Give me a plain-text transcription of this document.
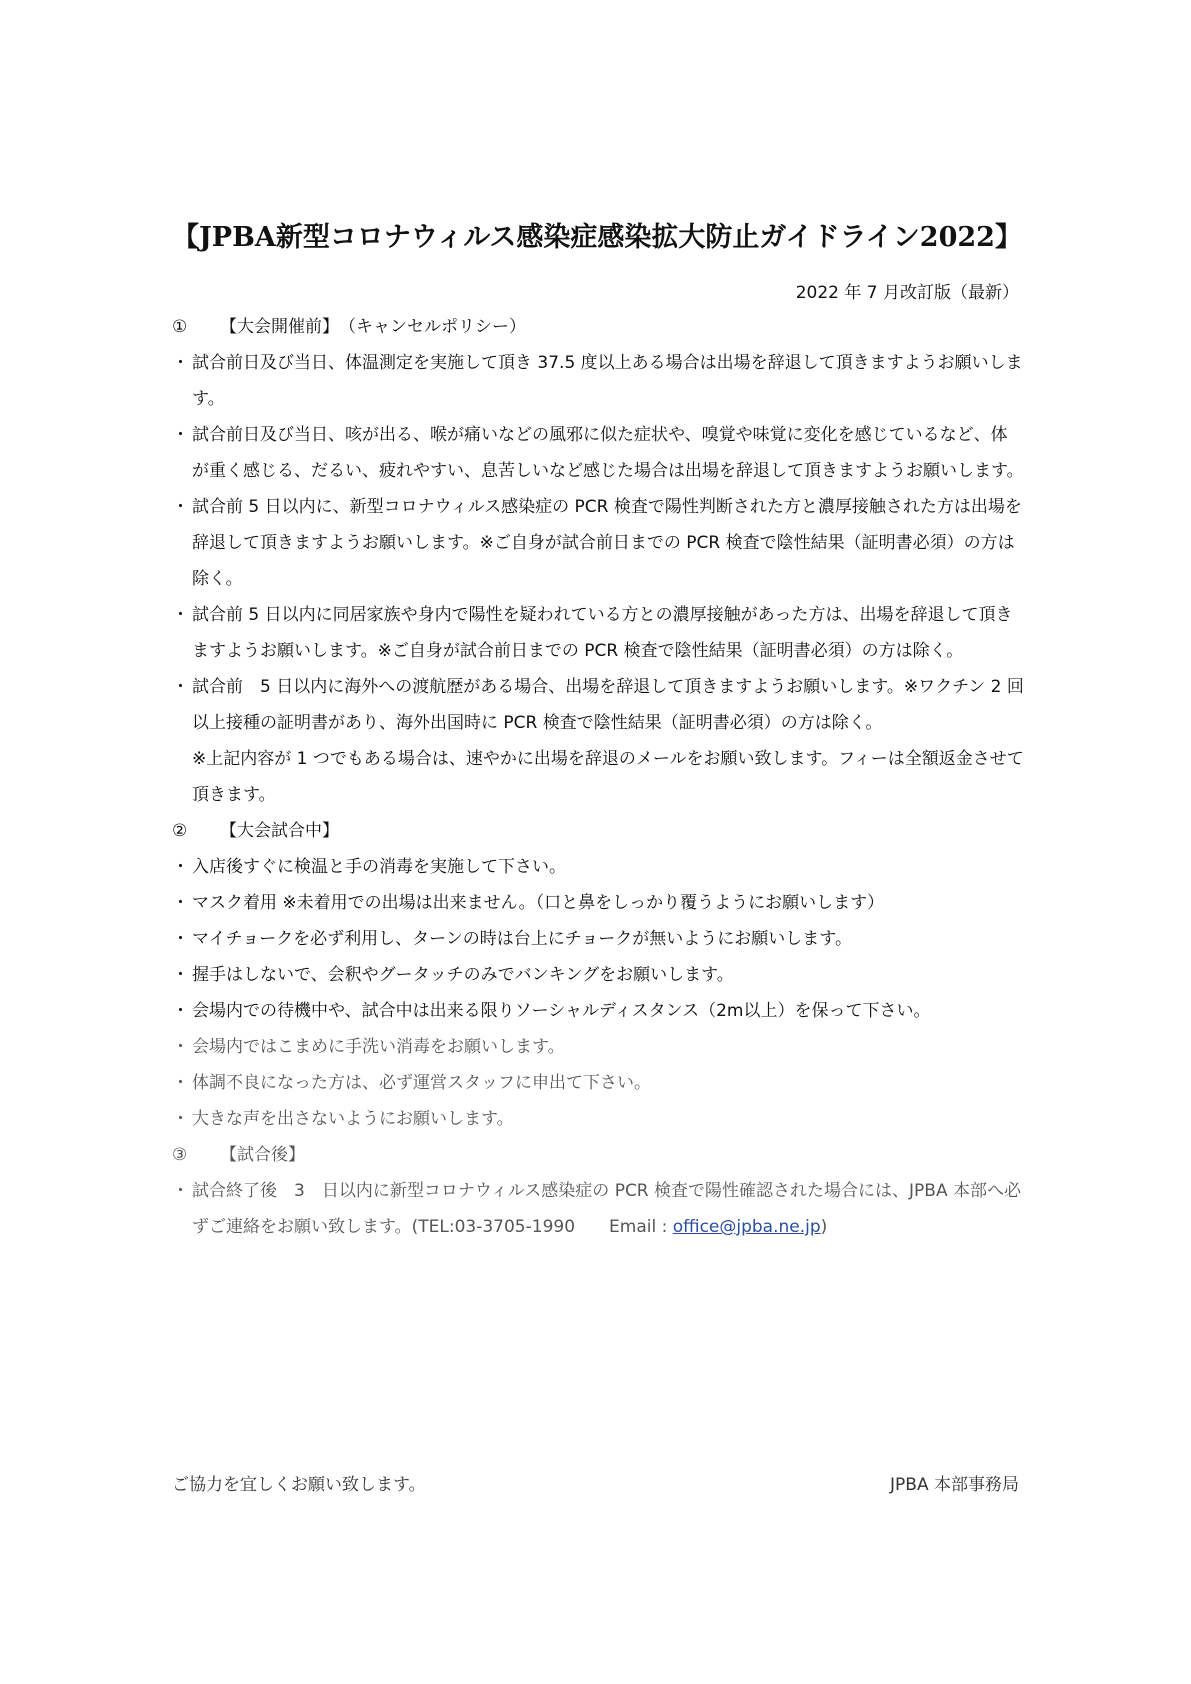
【JPBA新型コロナウィルス感染症感染拡大防止ガイドライン2022】
2022 年 7 月改訂版（最新）
① 【大会開催前】　（キャンセルポリシー）
・ 試合前日及び当日、体温測定を実施して頂き 37.5 度以上ある場合は出場を辞退して頂きますようお願いします。
・ 試合前日及び当日、咳が出る、喉が痛いなどの風邪に似た症状や、嗅覚や味覚に変化を感じているなど、体が重く感じる、だるい、疲れやすい、息苦しいなど感じた場合は出場を辞退して頂きますようお願いします。
・ 試合前 5 日以内に、新型コロナウィルス感染症の PCR 検査で陽性判断された方と濃厚接触された方は出場を辞退して頂きますようお願いします。※ご自身が試合前日までの PCR 検査で陰性結果（証明書必須）の方は除く。
・ 試合前 5 日以内に同居家族や身内で陽性を疑われている方との濃厚接触があった方は、出場を辞退して頂きますようお願いします。※ご自身が試合前日までの PCR 検査で陰性結果（証明書必須）の方は除く。
・ 試合前　5 日以内に海外への渡航歴がある場合、出場を辞退して頂きますようお願いします。※ワクチン 2 回以上接種の証明書があり、海外出国時に PCR 検査で陰性結果（証明書必須）の方は除く。
※上記内容が 1 つでもある場合は、速やかに出場を辞退のメールをお願い致します。フィーは全額返金させて頂きます。
② 【大会試合中】
・ 入店後すぐに検温と手の消毒を実施して下さい。
・ マスク着用 ※未着用での出場は出来ません。（口と鼻をしっかり覆うようにお願いします）
・ マイチョークを必ず利用し、ターンの時は台上にチョークが無いようにお願いします。
・ 握手はしないで、会釈やグータッチのみでバンキングをお願いします。
・ 会場内での待機中や、試合中は出来る限りソーシャルディスタンス（2m以上）を保って下さい。
・ 会場内ではこまめに手洗い消毒をお願いします。
・ 体調不良になった方は、必ず運営スタッフに申出て下さい。
・ 大きな声を出さないようにお願いします。
③ 【試合後】
・ 試合終了後　3　日以内に新型コロナウィルス感染症の PCR 検査で陽性確認された場合には、JPBA 本部へ必ずご連絡をお願い致します。(TEL:03-3705-1990　　Email : office@jpba.ne.jp)
ご協力を宜しくお願い致します。	JPBA 本部事務局
